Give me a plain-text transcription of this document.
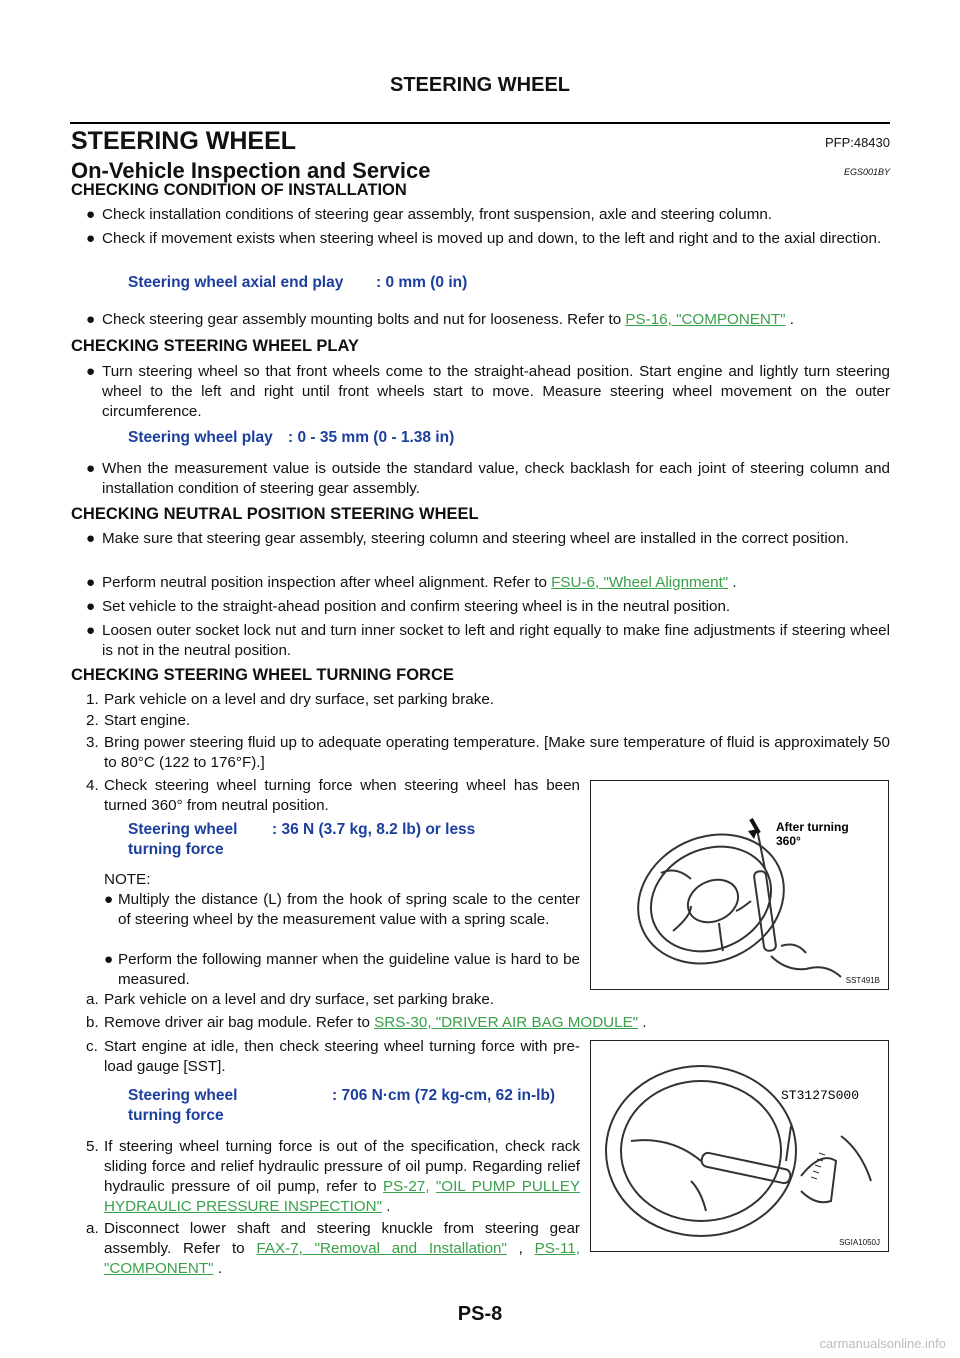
STEERING WHEEL
STEERING WHEEL	PFP:48430
On-Vehicle Inspection and Service	EGS001BY
CHECKING CONDITION OF INSTALLATION
● Check installation conditions of steering gear assembly, front suspension, axle and steering column.
● Check if movement exists when steering wheel is moved up and down, to the left and right and to the axial direction.
Steering wheel axial end play : 0 mm (0 in)
● Check steering gear assembly mounting bolts and nut for looseness. Refer to PS-16, "COMPONENT" .
CHECKING STEERING WHEEL PLAY
● Turn steering wheel so that front wheels come to the straight-ahead position. Start engine and lightly turn steering wheel to the left and right until front wheels start to move. Measure steering wheel movement on the outer circumference.
Steering wheel play : 0 - 35 mm (0 - 1.38 in)
● When the measurement value is outside the standard value, check backlash for each joint of steering column and installation condition of steering gear assembly.
CHECKING NEUTRAL POSITION STEERING WHEEL
● Make sure that steering gear assembly, steering column and steering wheel are installed in the correct position.
● Perform neutral position inspection after wheel alignment. Refer to FSU-6, "Wheel Alignment" .
● Set vehicle to the straight-ahead position and confirm steering wheel is in the neutral position.
● Loosen outer socket lock nut and turn inner socket to left and right equally to make fine adjustments if steering wheel is not in the neutral position.
CHECKING STEERING WHEEL TURNING FORCE
1. Park vehicle on a level and dry surface, set parking brake.
2. Start engine.
3. Bring power steering fluid up to adequate operating temperature. [Make sure temperature of fluid is approximately 50 to 80°C (122 to 176°F).]
4. Check steering wheel turning force when steering wheel has been turned 360° from neutral position.
Steering wheel
turning force
: 36 N (3.7 kg, 8.2 lb) or less
NOTE:
● Multiply the distance (L) from the hook of spring scale to the center of steering wheel by the measurement value with a spring scale.
● Perform the following manner when the guideline value is hard to be measured.
a. Park vehicle on a level and dry surface, set parking brake.
b. Remove driver air bag module. Refer to SRS-30, "DRIVER AIR BAG MODULE" .
c. Start engine at idle, then check steering wheel turning force with pre-load gauge [SST].
Steering wheel
turning force
: 706 N·cm (72 kg-cm, 62 in-lb)
5. If steering wheel turning force is out of the specification, check rack sliding force and relief hydraulic pressure of oil pump. Regarding relief hydraulic pressure of oil pump, refer to PS-27, "OIL PUMP PULLEY HYDRAULIC PRESSURE INSPECTION" .
a. Disconnect lower shaft and steering knuckle from steering gear assembly. Refer to FAX-7, "Removal and Installation" , PS-11, "COMPONENT" .
After turning
360°
SST491B
ST3127S000
SGIA1050J
PS-8
carmanualsonline.info
